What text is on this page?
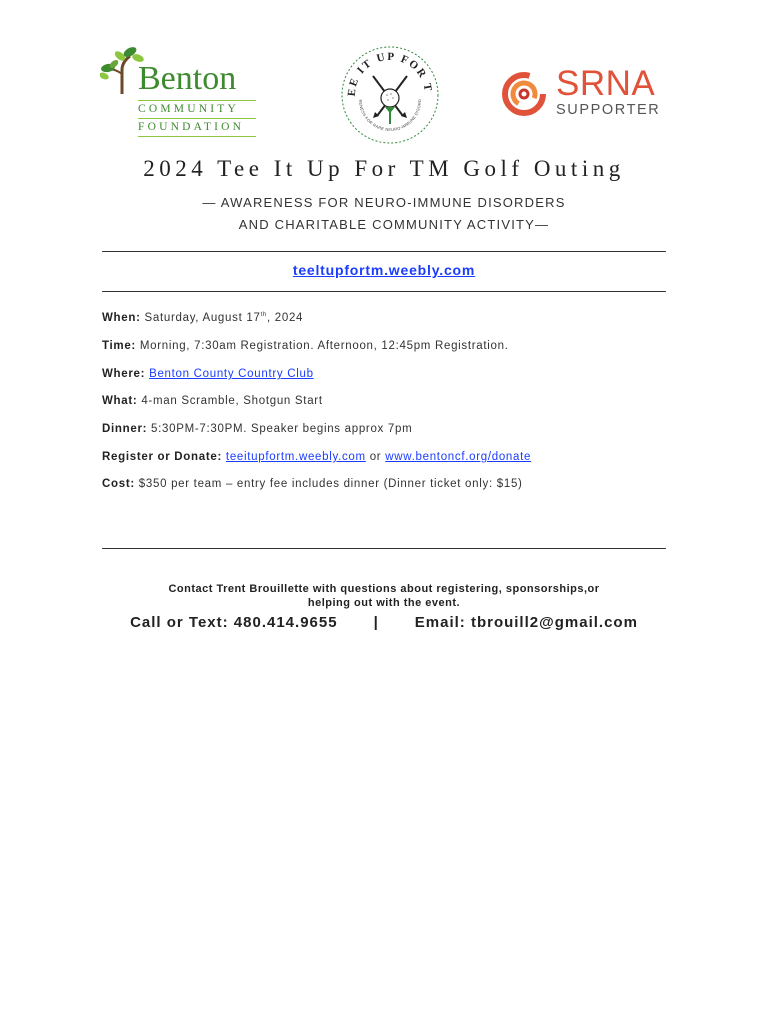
Benton
COMMUNITY
FOUNDATION
EE IT UP FOR T
RENESS FOR RARE NEURO-IMMUNE DISORD	SRNA
SUPPORTER
2024 Tee It Up For TM Golf Outing
— AWARENESS FOR NEURO-IMMUNE DISORDERS
AND CHARITABLE COMMUNITY ACTIVITY—
teeltupfortm.weebly.com
When: Saturday, August 17th, 2024
Time: Morning, 7:30am Registration. Afternoon, 12:45pm Registration.
Where: Benton County Country Club
What: 4-man Scramble, Shotgun Start
Dinner: 5:30PM-7:30PM. Speaker begins approx 7pm
Register or Donate: teeitupfortm.weebly.com or www.bentoncf.org/donate
Cost: $350 per team – entry fee includes dinner (Dinner ticket only: $15)
Contact Trent Brouillette with questions about registering, sponsorships,or
helping out with the event.
Call or Text: 480.414.9655 | Email: tbrouill2@gmail.com
